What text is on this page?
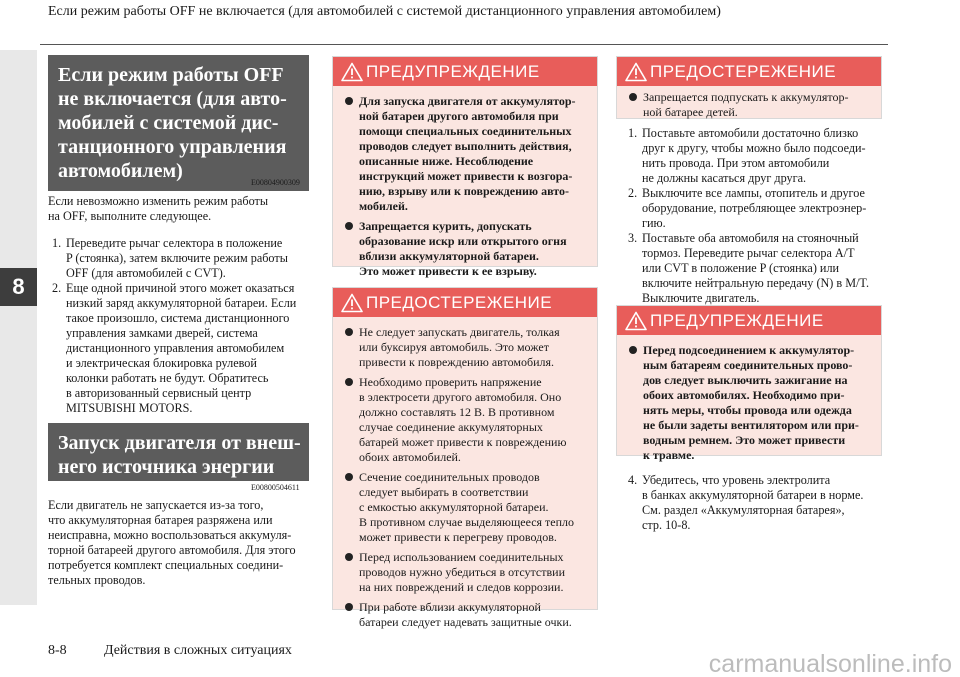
Если режим работы OFF не включается (для автомобилей с системой дистанционного управления автомобилем)
8
Если режим работы OFF
не включается (для авто-
мобилей с системой дис-
танционного управления
автомобилем)
E00804900309
Если невозможно изменить режим работы
на OFF, выполните следующее.
1. Переведите рычаг селектора в положение
P (стоянка), затем включите режим работы
OFF (для автомобилей с CVT).
2. Еще одной причиной этого может оказаться
низкий заряд аккумуляторной батареи. Если
такое произошло, система дистанционного
управления замками дверей, система
дистанционного управления автомобилем
и электрическая блокировка рулевой
колонки работать не будут. Обратитесь
в авторизованный сервисный центр
MITSUBISHI MOTORS.
Запуск двигателя от внеш-
него источника энергии
E00800504611
Если двигатель не запускается из-за того,
что аккумуляторная батарея разряжена или
неисправна, можно воспользоваться аккумуля-
торной батареей другого автомобиля. Для этого
потребуется комплект специальных соедини-
тельных проводов.
ПРЕДУПРЕЖДЕНИЕ
Для запуска двигателя от аккумулятор-
ной батареи другого автомобиля при
помощи специальных соединительных
проводов следует выполнить действия,
описанные ниже. Несоблюдение
инструкций может привести к возгора-
нию, взрыву или к повреждению авто-
мобилей.
Запрещается курить, допускать
образование искр или открытого огня
вблизи аккумуляторной батареи.
Это может привести к ее взрыву.
ПРЕДОСТЕРЕЖЕНИЕ
Не следует запускать двигатель, толкая
или буксируя автомобиль. Это может
привести к повреждению автомобиля.
Необходимо проверить напряжение
в электросети другого автомобиля. Оно
должно составлять 12 В. В противном
случае соединение аккумуляторных
батарей может привести к повреждению
обоих автомобилей.
Сечение соединительных проводов
следует выбирать в соответствии
с емкостью аккумуляторной батареи.
В противном случае выделяющееся тепло
может привести к перегреву проводов.
Перед использованием соединительных
проводов нужно убедиться в отсутствии
на них повреждений и следов коррозии.
При работе вблизи аккумуляторной
батареи следует надевать защитные очки.
ПРЕДОСТЕРЕЖЕНИЕ
Запрещается подпускать к аккумулятор-
ной батарее детей.
1. Поставьте автомобили достаточно близко
друг к другу, чтобы можно было подсоеди-
нить провода. При этом автомобили
не должны касаться друг друга.
2. Выключите все лампы, отопитель и другое
оборудование, потребляющее электроэнер-
гию.
3. Поставьте оба автомобиля на стояночный
тормоз. Переведите рычаг селектора A/T
или CVT в положение P (стоянка) или
включите нейтральную передачу (N) в M/T.
Выключите двигатель.
ПРЕДУПРЕЖДЕНИЕ
Перед подсоединением к аккумулятор-
ным батареям соединительных прово-
дов следует выключить зажигание на
обоих автомобилях. Необходимо при-
нять меры, чтобы провода или одежда
не были задеты вентилятором или при-
водным ремнем. Это может привести
к травме.
4. Убедитесь, что уровень электролита
в банках аккумуляторной батареи в норме.
См. раздел «Аккумуляторная батарея»,
стр. 10-8.
8-8	Действия в сложных ситуациях	carmanualsonline.info
